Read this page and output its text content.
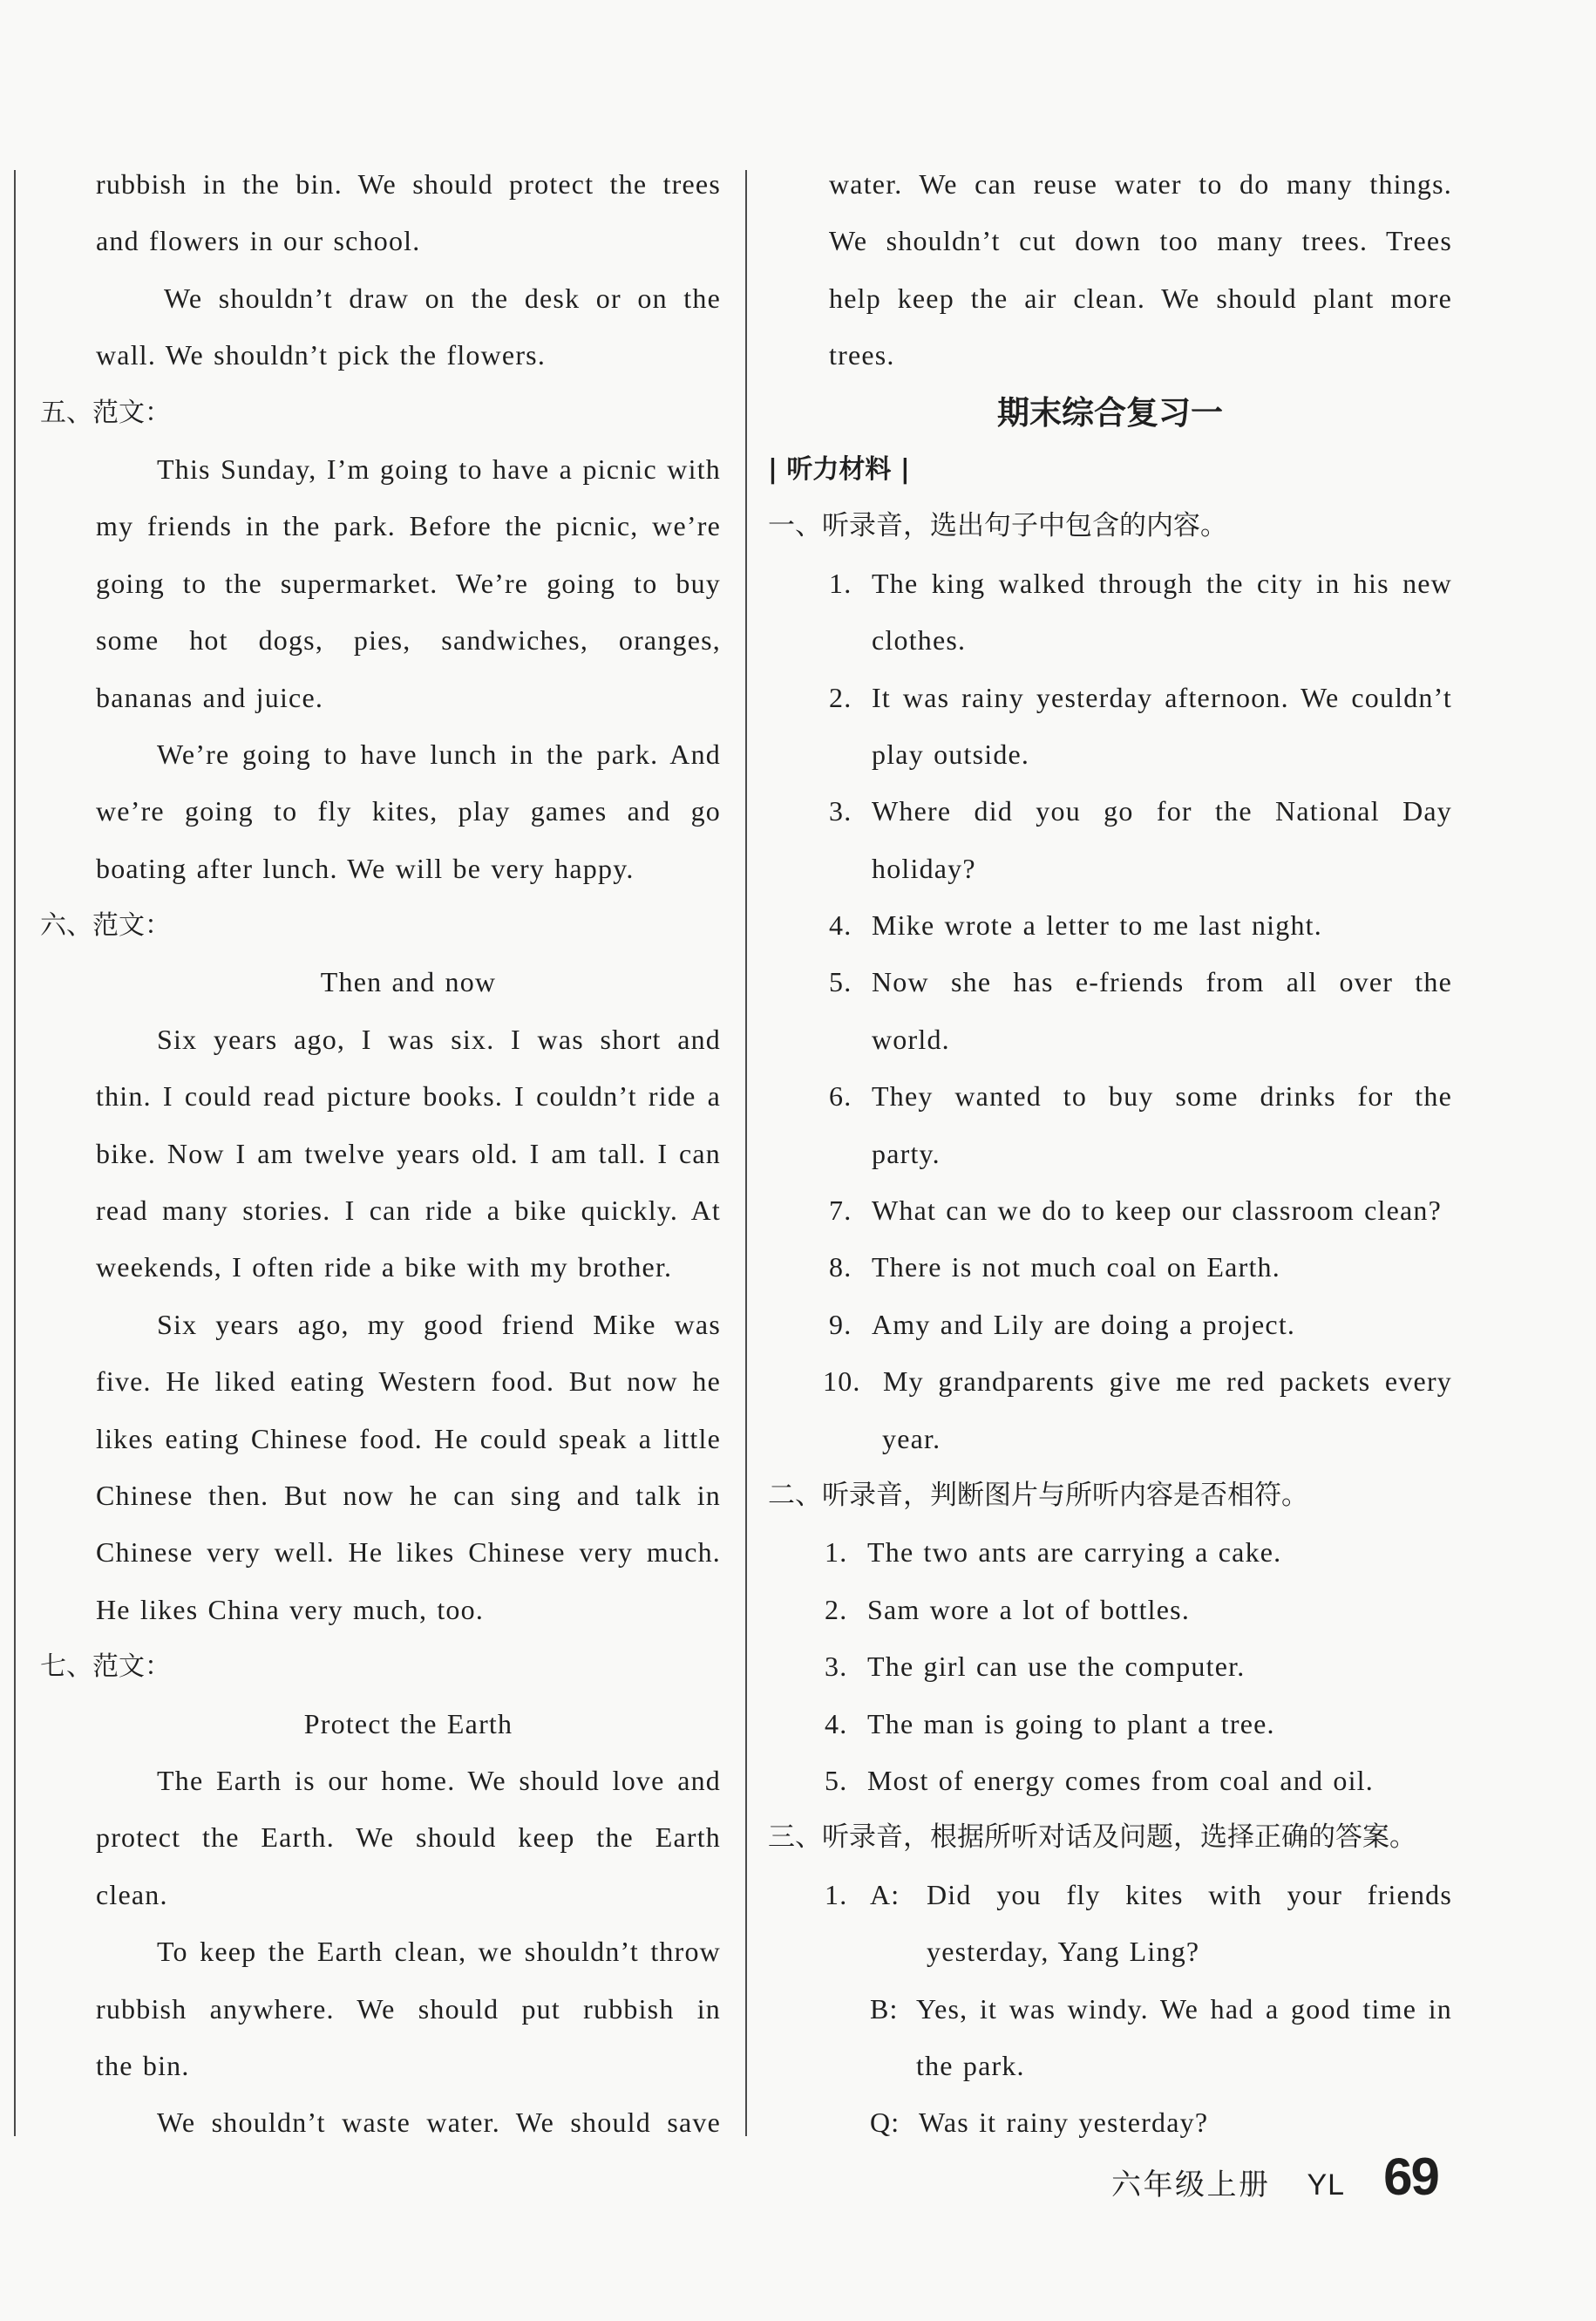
rubbish in the bin. We should protect the trees
and flowers in our school.
We shouldn’t draw on the desk or on the
wall. We shouldn’t pick the flowers.
五、范文：
This Sunday, I’m going to have a picnic with
my friends in the park. Before the picnic, we’re
going to the supermarket. We’re going to buy
some hot dogs, pies, sandwiches, oranges,
bananas and juice.
We’re going to have lunch in the park. And
we’re going to fly kites, play games and go
boating after lunch. We will be very happy.
六、范文：
Then and now
Six years ago, I was six. I was short and
thin. I could read picture books. I couldn’t ride a
bike. Now I am twelve years old. I am tall. I can
read many stories. I can ride a bike quickly. At
weekends, I often ride a bike with my brother.
Six years ago, my good friend Mike was
five. He liked eating Western food. But now he
likes eating Chinese food. He could speak a little
Chinese then. But now he can sing and talk in
Chinese very well. He likes Chinese very much.
He likes China very much, too.
七、范文：
Protect the Earth
The Earth is our home. We should love and
protect the Earth. We should keep the Earth
clean.
To keep the Earth clean, we shouldn’t throw
rubbish anywhere. We should put rubbish in
the bin.
We shouldn’t waste water. We should save
water. We can reuse water to do many things.
We shouldn’t cut down too many trees. Trees
help keep the air clean. We should plant more
trees.
期末综合复习一
| 听力材料 |
一、听录音，选出句子中包含的内容。
1. The king walked through the city in his new
clothes.
2. It was rainy yesterday afternoon. We couldn’t
play outside.
3. Where did you go for the National Day
holiday?
4. Mike wrote a letter to me last night.
5. Now she has e-friends from all over the
world.
6. They wanted to buy some drinks for the
party.
7. What can we do to keep our classroom clean?
8. There is not much coal on Earth.
9. Amy and Lily are doing a project.
10. My grandparents give me red packets every
year.
二、听录音，判断图片与所听内容是否相符。
1. The two ants are carrying a cake.
2. Sam wore a lot of bottles.
3. The girl can use the computer.
4. The man is going to plant a tree.
5. Most of energy comes from coal and oil.
三、听录音，根据所听对话及问题，选择正确的答案。
1. A: Did you fly kites with your friends
yesterday, Yang Ling?
B: Yes, it was windy. We had a good time in
the park.
Q: Was it rainy yesterday?
六年级上册 YL 69
